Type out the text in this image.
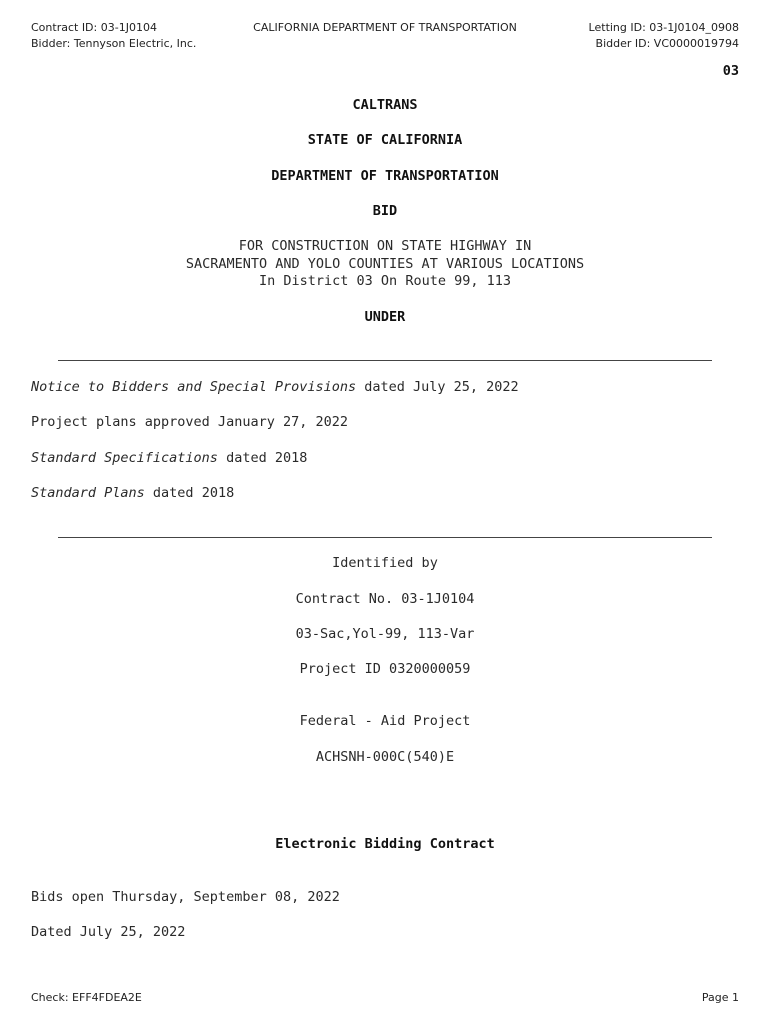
Contract ID: 03-1J0104
Bidder: Tennyson Electric, Inc.
CALIFORNIA DEPARTMENT OF TRANSPORTATION	Letting ID: 03-1J0104_0908
Bidder ID: VC0000019794
03
CALTRANS
STATE OF CALIFORNIA
DEPARTMENT OF TRANSPORTATION
BID
FOR CONSTRUCTION ON STATE HIGHWAY IN
SACRAMENTO AND YOLO COUNTIES AT VARIOUS LOCATIONS
In District 03 On Route 99, 113
UNDER
Notice to Bidders and Special Provisions dated July 25, 2022
Project plans approved January 27, 2022
Standard Specifications dated 2018
Standard Plans dated 2018
Identified by
Contract No. 03-1J0104
03-Sac,Yol-99, 113-Var
Project ID 0320000059
Federal - Aid Project
ACHSNH-000C(540)E
Electronic Bidding Contract
Bids open Thursday, September 08, 2022
Dated July 25, 2022
Check: EFF4FDEA2E	Page 1
